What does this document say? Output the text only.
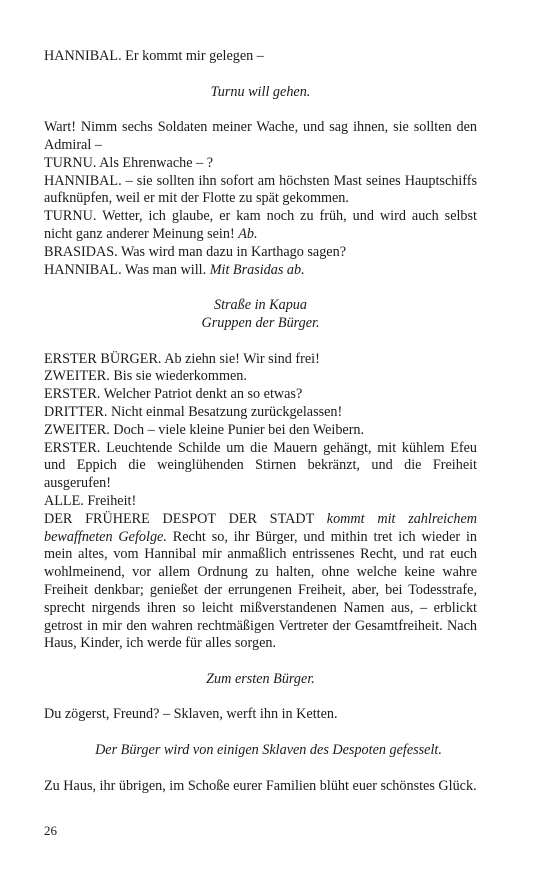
HANNIBAL. Er kommt mir gelegen –

Turnu will gehen.

Wart! Nimm sechs Soldaten meiner Wache, und sag ihnen, sie sollten den Admiral –

TURNU. Als Ehrenwache – ?

HANNIBAL. – sie sollten ihn sofort am höchsten Mast seines Hauptschiffs aufknüpfen, weil er mit der Flotte zu spät gekommen.

TURNU. Wetter, ich glaube, er kam noch zu früh, und wird auch selbst nicht ganz anderer Meinung sein! Ab.

BRASIDAS. Was wird man dazu in Karthago sagen?

HANNIBAL. Was man will. Mit Brasidas ab.

Straße in Kapua
Gruppen der Bürger.

ERSTER BÜRGER. Ab ziehn sie! Wir sind frei!

ZWEITER. Bis sie wiederkommen.

ERSTER. Welcher Patriot denkt an so etwas?

DRITTER. Nicht einmal Besatzung zurückgelassen!

ZWEITER. Doch – viele kleine Punier bei den Weibern.

ERSTER. Leuchtende Schilde um die Mauern gehängt, mit kühlem Efeu und Eppich die weinglühenden Stirnen bekränzt, und die Freiheit ausgerufen!

ALLE. Freiheit!

DER FRÜHERE DESPOT DER STADT kommt mit zahlreichem bewaffneten Gefolge. Recht so, ihr Bürger, und mithin tret ich wieder in mein altes, vom Hannibal mir anmaßlich entrissenes Recht, und rat euch wohlmeinend, vor allem Ordnung zu halten, ohne welche keine wahre Freiheit denkbar; genießet der errungenen Freiheit, aber, bei Todesstrafe, sprecht nirgends ihren so leicht mißverstandenen Namen aus, – erblickt getrost in mir den wahren rechtmäßigen Vertreter der Gesamtfreiheit. Nach Haus, Kinder, ich werde für alles sorgen.

Zum ersten Bürger.

Du zögerst, Freund? – Sklaven, werft ihn in Ketten.

Der Bürger wird von einigen Sklaven des Despoten gefesselt.

Zu Haus, ihr übrigen, im Schoße eurer Familien blüht euer schönstes Glück.

26
